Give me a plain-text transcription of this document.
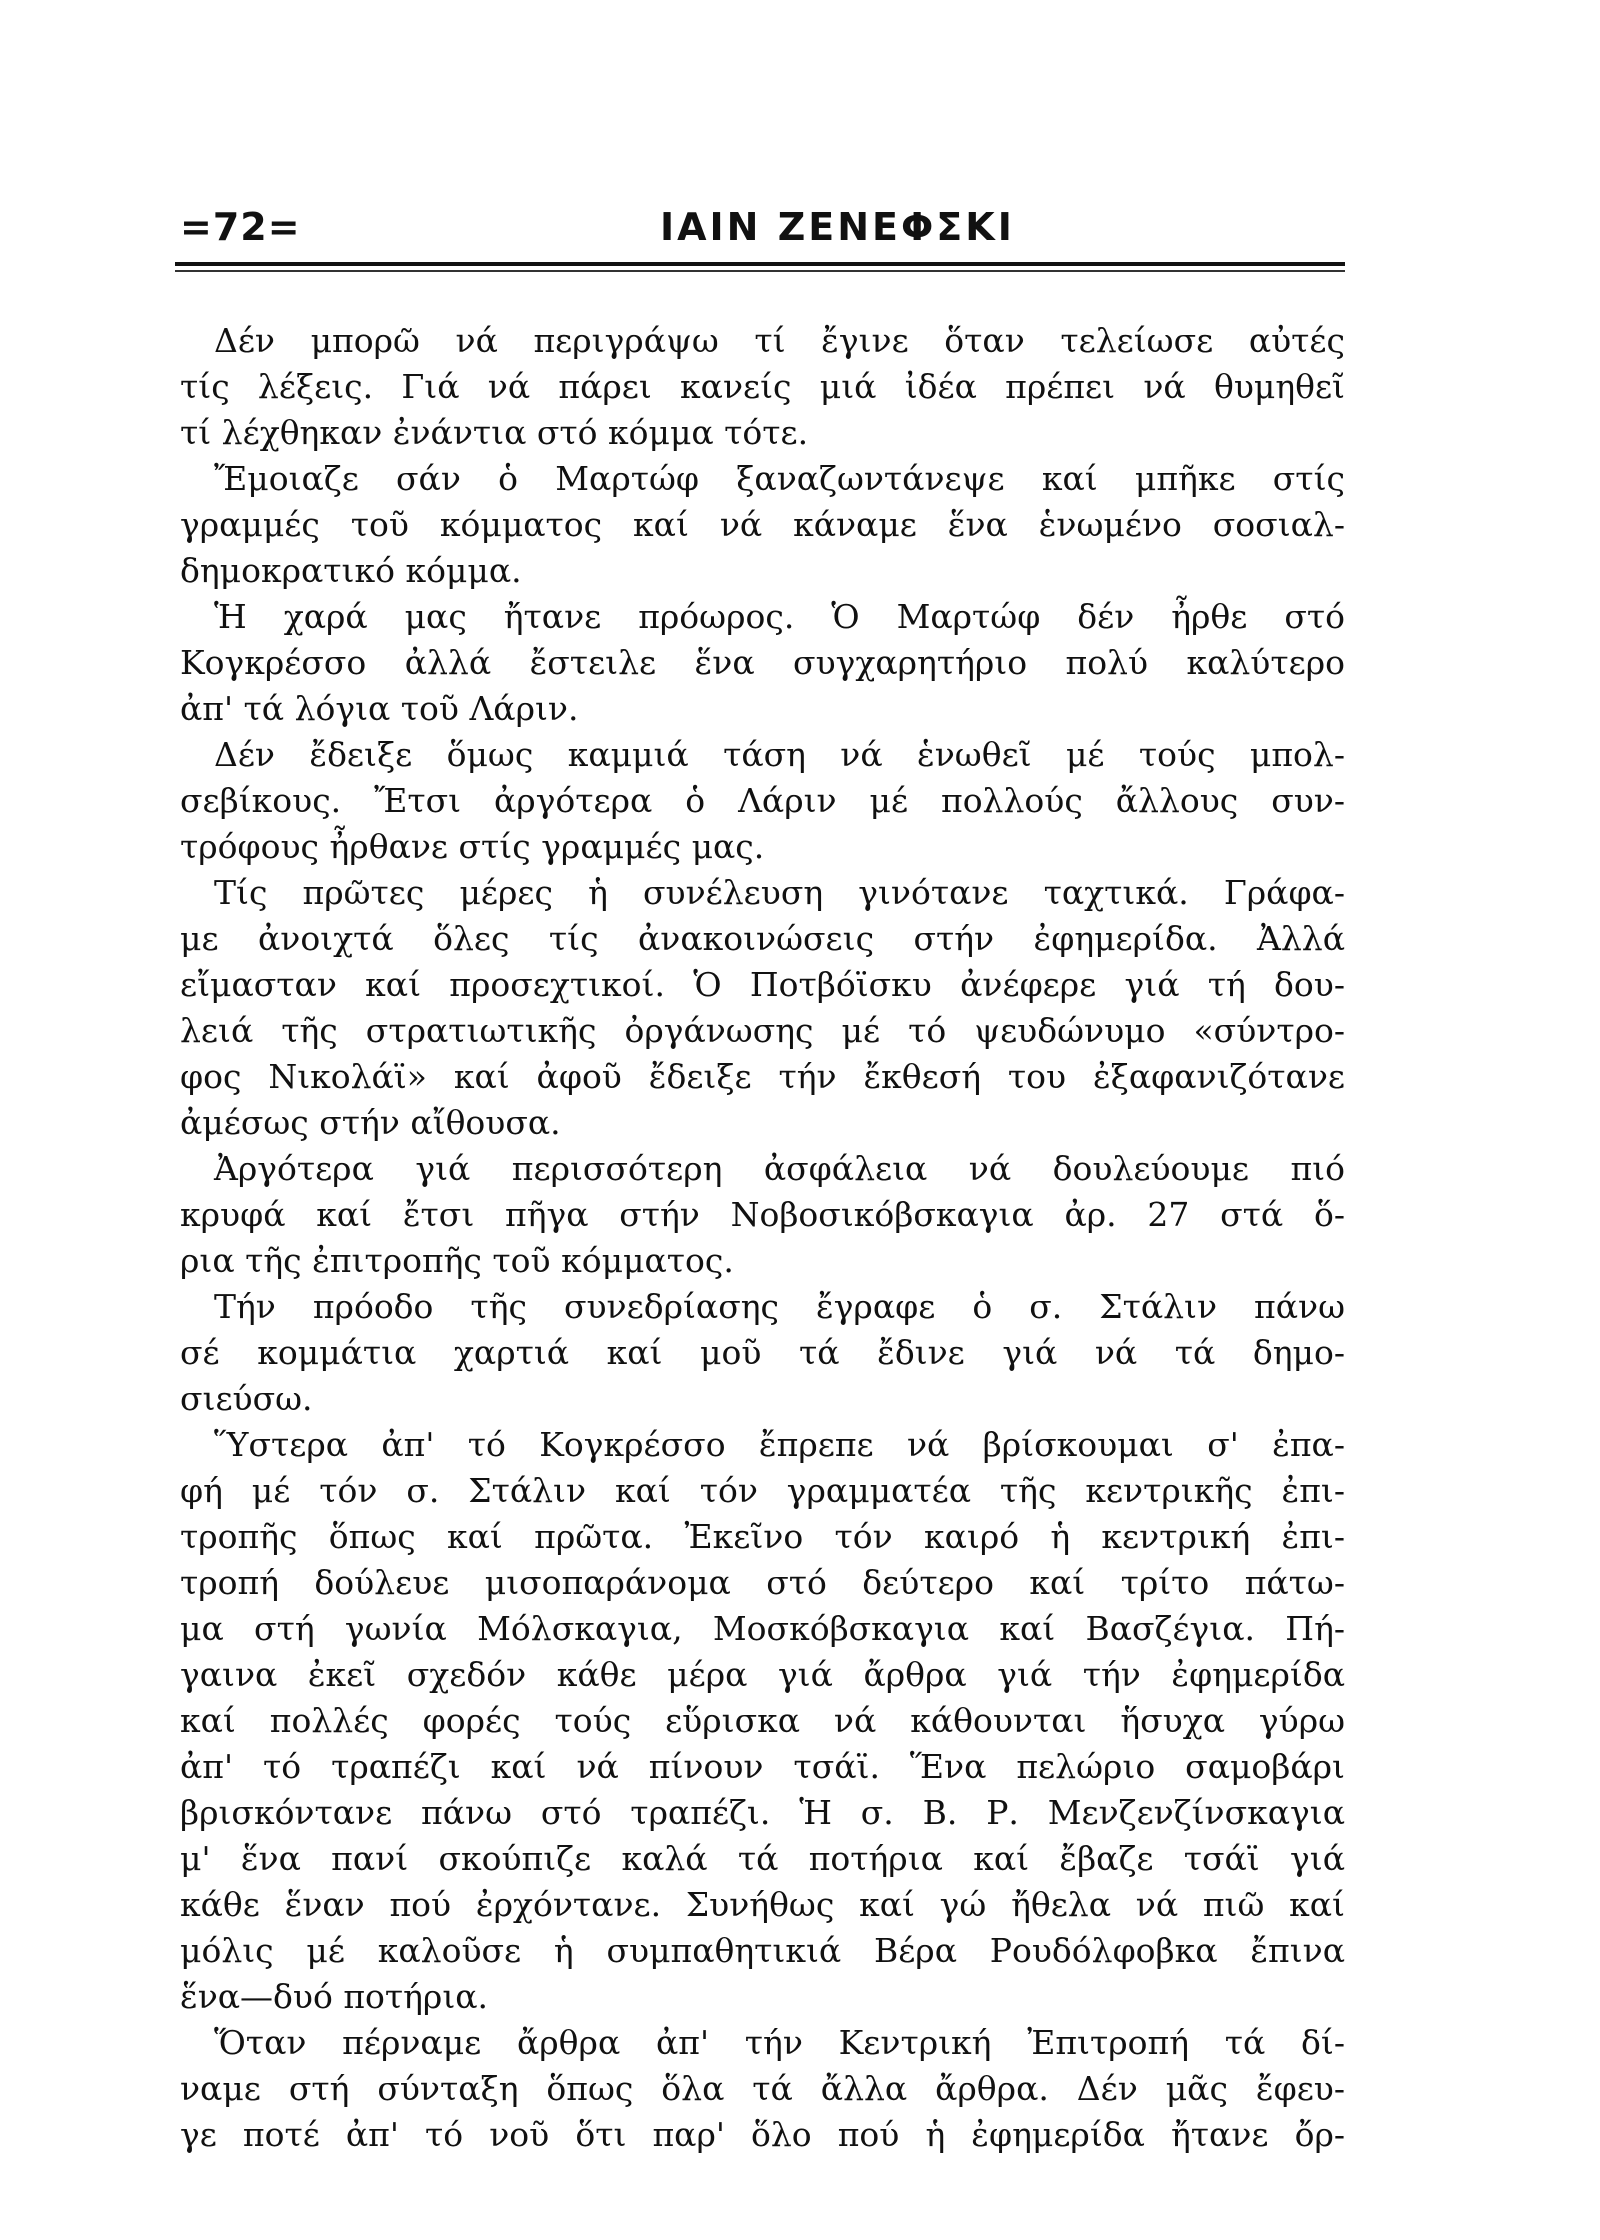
=72=	ΙΑΙΝ ΖΕΝΕΦΣΚΙ
Δέν μπορῶ νά περιγράψω τί ἔγινε ὅταν τελείωσε αὐτές
τίς λέξεις. Γιά νά πάρει κανείς μιά ἰδέα πρέπει νά θυμηθεῖ
τί λέχθηκαν ἐνάντια στό κόμμα τότε.
Ἔμοιαζε σάν ὁ Μαρτώφ ξαναζωντάνεψε καί μπῆκε στίς
γραμμές τοῦ κόμματος καί νά κάναμε ἕνα ἑνωμένο σοσιαλ-
δημοκρατικό κόμμα.
Ἡ χαρά μας ἤτανε πρόωρος. Ὁ Μαρτώφ δέν ἦρθε στό
Κογκρέσσο ἀλλά ἔστειλε ἕνα συγχαρητήριο πολύ καλύτερο
ἀπ' τά λόγια τοῦ Λάριν.
Δέν ἔδειξε ὅμως καμμιά τάση νά ἑνωθεῖ μέ τούς μπολ-
σεβίκους. Ἔτσι ἀργότερα ὁ Λάριν μέ πολλούς ἄλλους συν-
τρόφους ἦρθανε στίς γραμμές μας.
Τίς πρῶτες μέρες ἡ συνέλευση γινότανε ταχτικά. Γράφα-
με ἀνοιχτά ὅλες τίς ἀνακοινώσεις στήν ἐφημερίδα. Ἀλλά
εἴμασταν καί προσεχτικοί. Ὁ Ποτβόϊσκυ ἀνέφερε γιά τή δου-
λειά τῆς στρατιωτικῆς ὀργάνωσης μέ τό ψευδώνυμο «σύντρο-
φος Νικολάϊ» καί ἀφοῦ ἔδειξε τήν ἔκθεσή του ἐξαφανιζότανε
ἀμέσως στήν αἴθουσα.
Ἀργότερα γιά περισσότερη ἀσφάλεια νά δουλεύουμε πιό
κρυφά καί ἔτσι πῆγα στήν Νοβοσικόβσκαγια ἀρ. 27 στά ὅ-
ρια τῆς ἐπιτροπῆς τοῦ κόμματος.
Τήν πρόοδο τῆς συνεδρίασης ἔγραφε ὁ σ. Στάλιν πάνω
σέ κομμάτια χαρτιά καί μοῦ τά ἔδινε γιά νά τά δημο-
σιεύσω.
Ὕστερα ἀπ' τό Κογκρέσσο ἔπρεπε νά βρίσκουμαι σ' ἐπα-
φή μέ τόν σ. Στάλιν καί τόν γραμματέα τῆς κεντρικῆς ἐπι-
τροπῆς ὅπως καί πρῶτα. Ἐκεῖνο τόν καιρό ἡ κεντρική ἐπι-
τροπή δούλευε μισοπαράνομα στό δεύτερο καί τρίτο πάτω-
μα στή γωνία Μόλσκαγια, Μοσκόβσκαγια καί Βασζέγια. Πή-
γαινα ἐκεῖ σχεδόν κάθε μέρα γιά ἄρθρα γιά τήν ἐφημερίδα
καί πολλές φορές τούς εὕρισκα νά κάθουνται ἥσυχα γύρω
ἀπ' τό τραπέζι καί νά πίνουν τσάϊ. Ἕνα πελώριο σαμοβάρι
βρισκόντανε πάνω στό τραπέζι. Ἡ σ. Β. Ρ. Μενζενζίνσκαγια
μ' ἕνα πανί σκούπιζε καλά τά ποτήρια καί ἔβαζε τσάϊ γιά
κάθε ἕναν πού ἐρχόντανε. Συνήθως καί γώ ἤθελα νά πιῶ καί
μόλις μέ καλοῦσε ἡ συμπαθητικιά Βέρα Ρουδόλφοβκα ἔπινα
ἕνα—δυό ποτήρια.
Ὅταν πέρναμε ἄρθρα ἀπ' τήν Κεντρική Ἐπιτροπή τά δί-
ναμε στή σύνταξη ὅπως ὅλα τά ἄλλα ἄρθρα. Δέν μᾶς ἔφευ-
γε ποτέ ἀπ' τό νοῦ ὅτι παρ' ὅλο πού ἡ ἐφημερίδα ἤτανε ὄρ-
